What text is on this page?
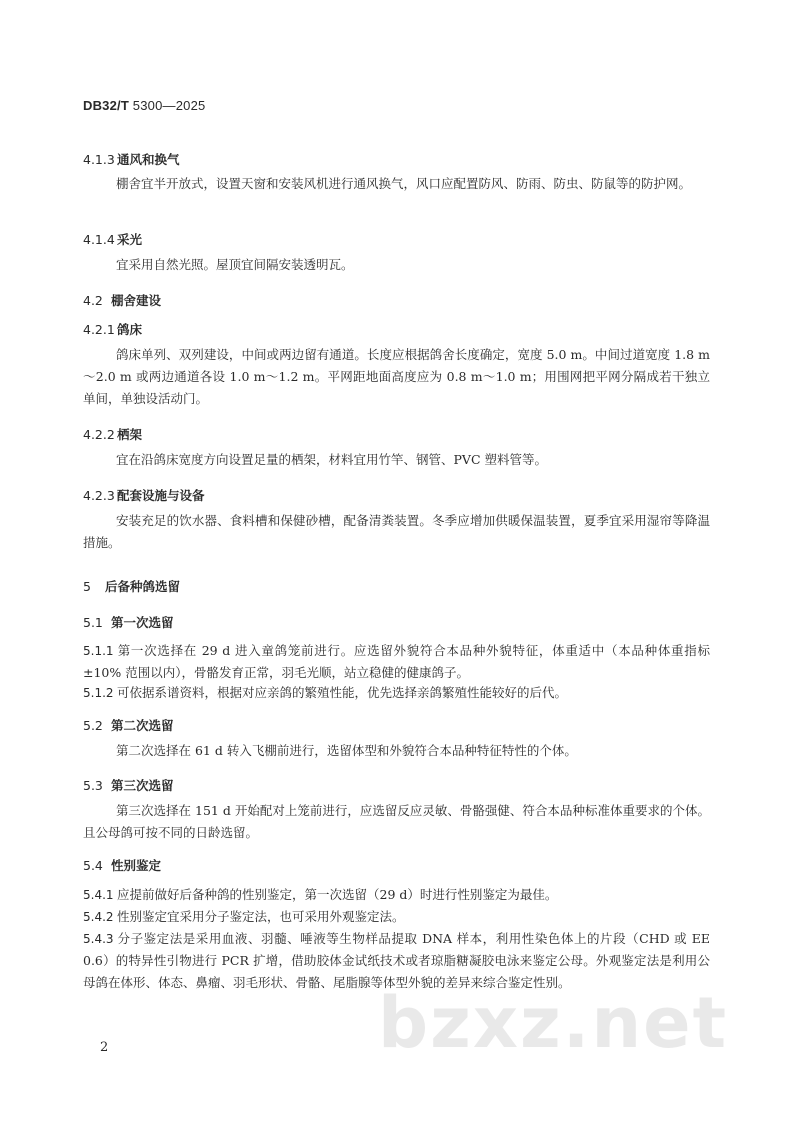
DB32/T 5300—2025
4.1.3 通风和换气

棚舍宜半开放式，设置天窗和安装风机进行通风换气，风口应配置防风、防雨、防虫、防鼠等的防护网。

4.1.4 采光

宜采用自然光照。屋顶宜间隔安装透明瓦。

4.2 棚舍建设
4.2.1 鸽床

鸽床单列、双列建设，中间或两边留有通道。长度应根据鸽舍长度确定，宽度 5.0 m。中间过道宽度 1.8 m～2.0 m 或两边通道各设 1.0 m～1.2 m。平网距地面高度应为 0.8 m～1.0 m；用围网把平网分隔成若干独立单间，单独设活动门。

4.2.2 栖架

宜在沿鸽床宽度方向设置足量的栖架，材料宜用竹竿、钢管、PVC 塑料管等。

4.2.3 配套设施与设备

安装充足的饮水器、食料槽和保健砂槽，配备清粪装置。冬季应增加供暖保温装置，夏季宜采用湿帘等降温措施。

5 后备种鸽选留
5.1 第一次选留

5.1.1 第一次选择在 29 d 进入童鸽笼前进行。应选留外貌符合本品种外貌特征，体重适中（本品种体重指标±10% 范围以内），骨骼发育正常，羽毛光顺，站立稳健的健康鸽子。

5.1.2 可依据系谱资料，根据对应亲鸽的繁殖性能，优先选择亲鸽繁殖性能较好的后代。

5.2 第二次选留

第二次选择在 61 d 转入飞棚前进行，选留体型和外貌符合本品种特征特性的个体。

5.3 第三次选留

第三次选择在 151 d 开始配对上笼前进行，应选留反应灵敏、骨骼强健、符合本品种标准体重要求的个体。且公母鸽可按不同的日龄选留。

5.4 性别鉴定

5.4.1 应提前做好后备种鸽的性别鉴定，第一次选留（29 d）时进行性别鉴定为最佳。

5.4.2 性别鉴定宜采用分子鉴定法，也可采用外观鉴定法。

5.4.3 分子鉴定法是采用血液、羽髓、唾液等生物样品提取 DNA 样本，利用性染色体上的片段（CHD 或 EE 0.6）的特异性引物进行 PCR 扩增，借助胶体金试纸技术或者琼脂糖凝胶电泳来鉴定公母。外观鉴定法是利用公母鸽在体形、体态、鼻瘤、羽毛形状、骨骼、尾脂腺等体型外貌的差异来综合鉴定性别。

bzxz.net
2
